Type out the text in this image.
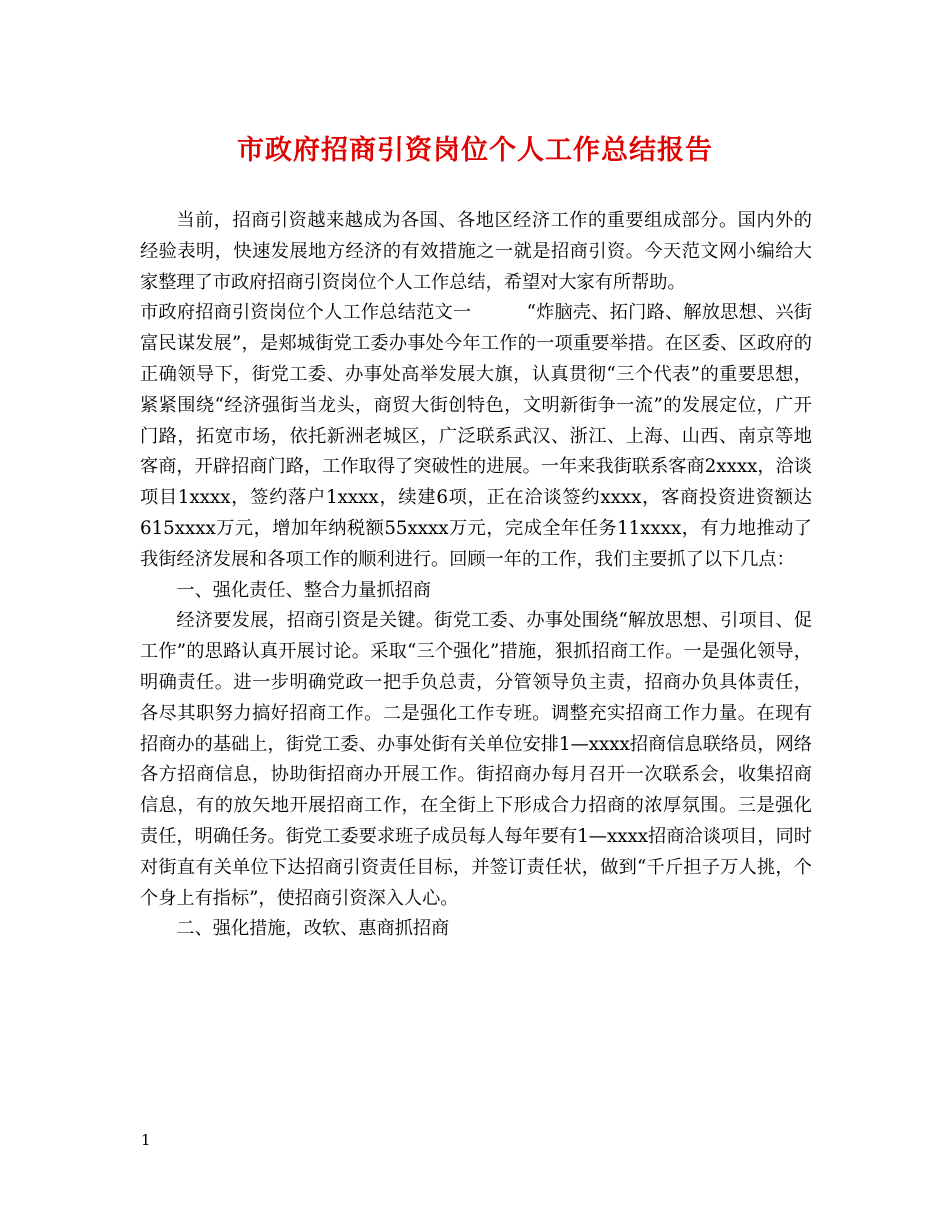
市政府招商引资岗位个人工作总结报告

当前，招商引资越来越成为各国、各地区经济工作的重要组成部分。国内外的经验表明，快速发展地方经济的有效措施之一就是招商引资。今天范文网小编给大家整理了市政府招商引资岗位个人工作总结，希望对大家有所帮助。

市政府招商引资岗位个人工作总结范文一　　　“炸脑壳、拓门路、解放思想、兴街富民谋发展”，是郏城街党工委办事处今年工作的一项重要举措。在区委、区政府的正确领导下，街党工委、办事处高举发展大旗，认真贯彻“三个代表”的重要思想，紧紧围绕“经济强街当龙头，商贸大街创特色，文明新街争一流”的发展定位，广开门路，拓宽市场，依托新洲老城区，广泛联系武汉、浙江、上海、山西、南京等地客商，开辟招商门路，工作取得了突破性的进展。一年来我街联系客商2xxxx，洽谈项目1xxxx，签约落户1xxxx，续建6项，正在洽谈签约xxxx，客商投资进资额达615xxxx万元，增加年纳税额55xxxx万元，完成全年任务11xxxx，有力地推动了我街经济发展和各项工作的顺利进行。回顾一年的工作，我们主要抓了以下几点：

一、强化责任、整合力量抓招商

经济要发展，招商引资是关键。街党工委、办事处围绕“解放思想、引项目、促工作”的思路认真开展讨论。采取“三个强化”措施，狠抓招商工作。一是强化领导，明确责任。进一步明确党政一把手负总责，分管领导负主责，招商办负具体责任，各尽其职努力搞好招商工作。二是强化工作专班。调整充实招商工作力量。在现有招商办的基础上，街党工委、办事处街有关单位安排1—xxxx招商信息联络员，网络各方招商信息，协助街招商办开展工作。街招商办每月召开一次联系会，收集招商信息，有的放矢地开展招商工作，在全街上下形成合力招商的浓厚氛围。三是强化责任，明确任务。街党工委要求班子成员每人每年要有1—xxxx招商洽谈项目，同时对街直有关单位下达招商引资责任目标，并签订责任状，做到“千斤担子万人挑，个个身上有指标”，使招商引资深入人心。

二、强化措施，改软、惠商抓招商

1
